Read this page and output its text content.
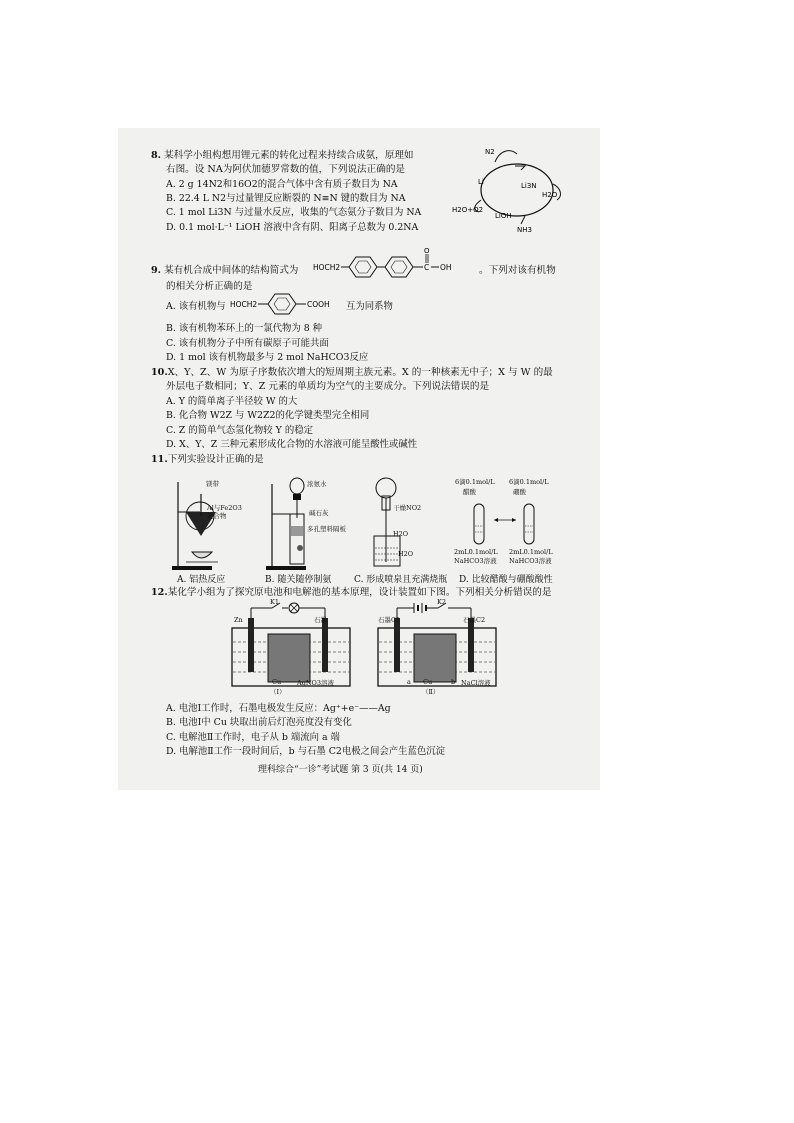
8. 某科学小组构想用锂元素的转化过程来持续合成氨，原理如
右图。设 NA为阿伏加德罗常数的值，下列说法正确的是
A. 2 g 14N2和16O2的混合气体中含有质子数目为 NA
B. 22.4 L N2与过量锂反应断裂的 N≡N 键的数目为 NA
C. 1 mol Li3N 与过量水反应，收集的气态氨分子数目为 NA
D. 0.1 mol·L⁻¹ LiOH 溶液中含有阴、阳离子总数为 0.2NA
N2
Li	Li3N
H2O
H2O+O2
LiOH
NH3
9. 某有机合成中间体的结构简式为 HOCH2	C
O
OH	。下列对该有机物
的相关分析正确的是
A. 该有机物与 HOCH2	COOH 互为同系物
B. 该有机物苯环上的一氯代物为 8 种
C. 该有机物分子中所有碳原子可能共面
D. 1 mol 该有机物最多与 2 mol NaHCO3反应
10.X、Y、Z、W 为原子序数依次增大的短周期主族元素。X 的一种核素无中子；X 与 W 的最
外层电子数相同；Y、Z 元素的单质均为空气的主要成分。下列说法错误的是
A. Y 的简单离子半径较 W 的大
B. 化合物 W2Z 与 W2Z2的化学键类型完全相同
C. Z 的简单气态氢化物较 Y 的稳定
D. X、Y、Z 三种元素形成化合物的水溶液可能呈酸性或碱性
11.下列实验设计正确的是
镁带
Al与Fe2O3
混合物
浓氨水
碱石灰
多孔塑料隔板
干燥NO2
H2O
H2O
6滴0.1mol/L
醋酸
6滴0.1mol/L
硼酸
2mL0.1mol/L
NaHCO3溶液
2mL0.1mol/L
NaHCO3溶液
A. 铝热反应	B. 随关随停制氨	C. 形成喷泉且充满烧瓶 D. 比较醋酸与硼酸酸性
12.某化学小组为了探究原电池和电解池的基本原理，设计装置如下图。下列相关分析错误的是
K1
Zn	石墨
Cu AgNO3溶液
（Ⅰ）
K2
石墨C1	石墨C2
a Cu	b NaCl溶液
（Ⅱ）
A. 电池Ⅰ工作时，石墨电极发生反应：Ag⁺+e⁻——Ag
B. 电池Ⅰ中 Cu 块取出前后灯泡亮度没有变化
C. 电解池Ⅱ工作时，电子从 b 端流向 a 端
D. 电解池Ⅱ工作一段时间后，b 与石墨 C2电极之间会产生蓝色沉淀
理科综合“一诊”考试题 第 3 页(共 14 页)
